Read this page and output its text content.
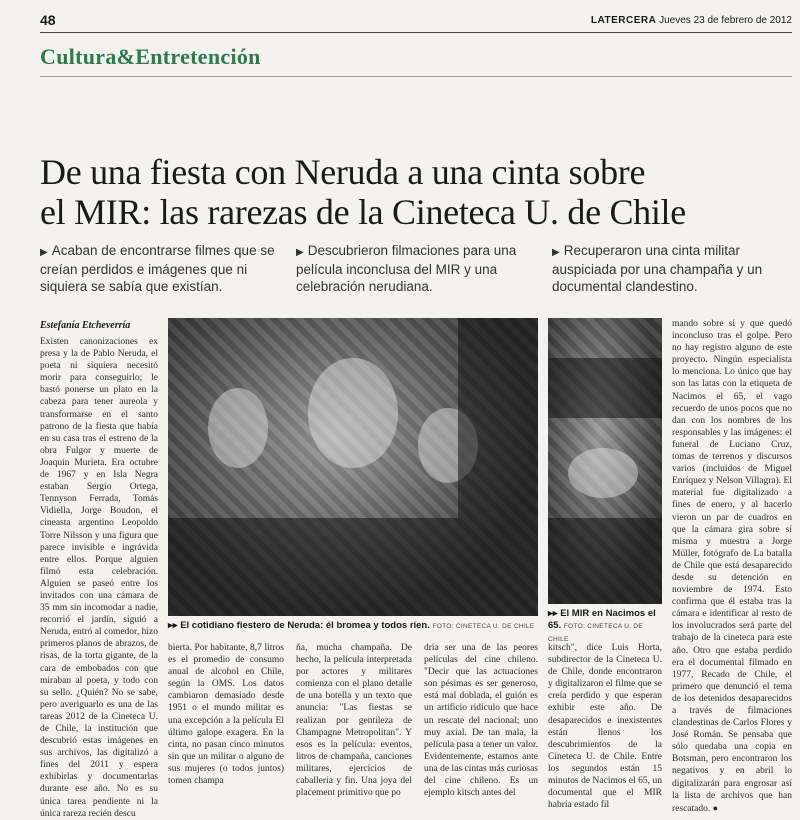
48	LATERCERA Jueves 23 de febrero de 2012
Cultura&Entretención
De una fiesta con Neruda a una cinta sobre
el MIR: las rarezas de la Cineteca U. de Chile
▶ Acaban de encontrarse filmes que se creían perdidos e imágenes que ni siquiera se sabía que existían.
▶ Descubrieron filmaciones para una película inconclusa del MIR y una celebración nerudiana.
▶ Recuperaron una cinta militar auspiciada por una champaña y un documental clandestino.
Estefanía Etcheverría

Existen canonizaciones ex presa y la de Pablo Neruda, el poeta ni siquiera necesitó morir para conseguirlo; le bastó ponerse un plato en la cabeza para tener aureola y transformarse en el santo patrono de la fiesta que había en su casa tras el estreno de la obra Fulgor y muerte de Joaquín Murieta. Era octubre de 1967 y en Isla Negra estaban Sergio Ortega, Tennyson Ferrada, Tomás Vidiella, Jorge Boudon, el cineasta argentino Leopoldo Torre Nilsson y una figura que parece invisible e ingrávida entre ellos. Porque alguien filmó esta celebración. Alguien se paseó entre los invitados con una cámara de 35 mm sin incomodar a nadie, recorrió el jardín, siguió a Neruda, entró al comedor, hizo primeros planos de abrazos, de risas, de la torta gigante, de la cara de embobados con que miraban al poeta, y todo con su sello. ¿Quién? No se sabe, pero averiguarlo es una de las tareas 2012 de la Cineteca U. de Chile, la institución que descubrió estas imágenes en sus archivos, las digitalizó a fines del 2011 y espera exhibirlas y documentarlas durante ese año. No es su única tarea pendiente ni la única rareza recién descu

▸▸ El cotidiano fiestero de Neruda: él bromea y todos ríen. FOTO: CINETECA U. DE CHILE
▸▸ El MIR en Nacimos el 65. FOTO: CINETECA U. DE CHILE

bierta. Por habitante, 8,7 litros es el promedio de consumo anual de alcohol en Chile, según la OMS. Los datos cambiaron demasiado desde 1951 o el mundo militar es una excepción a la película El último galope exagera. En la cinta, no pasan cinco minutos sin que un militar o alguno de sus mujeres (o todos juntos) tomen champa

ña, mucha champaña. De hecho, la película interpretada por actores y militares comienza con el plano detalle de una botella y un texto que anuncia: "Las fiestas se realizan por gentileza de Champagne Metropolitan". Y esos es la película: eventos, litros de champaña, canciones militares, ejercicios de caballería y fin. Una joya del placement primitivo que po

dría ser una de las peores películas del cine chileno. "Decir que las actuaciones son pésimas es ser generoso, está mal doblada, el guión es un artificio ridículo que hace un rescate del nacional; uno muy axial. De tan mala, la película pasa a tener un valor. Evidentemente, estamos ante una de las cintas más curiosas del cine chileno. Es un ejemplo kitsch antes del

kitsch", dice Luis Horta, subdirector de la Cineteca U. de Chile, donde encontraron y digitalizaron el filme que se creía perdido y que esperan exhibir este año. De desaparecidos e inexistentes están llenos los descubrimientos de la Cineteca U. de Chile. Entre los segundos están 15 minutos de Nacimos el 65, un documental que el MIR habría estado fil

mando sobre sí y que quedó inconcluso tras el golpe. Pero no hay registro alguno de este proyecto. Ningún especialista lo menciona. Lo único que hay son las latas con la etiqueta de Nacimos el 65, el vago recuerdo de unos pocos que no dan con los nombres de los responsables y las imágenes: el funeral de Luciano Cruz, tomas de terrenos y discursos varios (incluidos de Miguel Enríquez y Nelson Villagra). El material fue digitalizado a fines de enero, y al hacerlo vieron un par de cuadros en que la cámara gira sobre sí misma y muestra a Jorge Müller, fotógrafo de La batalla de Chile que está desaparecido desde su detención en noviembre de 1974. Esto confirma que él estaba tras la cámara e identificar al resto de los involucrados será parte del trabajo de la cineteca para este año. Otro que estaba perdido era el documental filmado en 1977, Recado de Chile, el primero que denunció el tema de los detenidos desaparecidos a través de filmaciones clandestinas de Carlos Flores y José Román. Se pensaba que sólo quedaba una copia en Botsman, pero encontraron los negativos y en abril lo digitalizarán para engrosar así la lista de archivos que han rescatado. ●
